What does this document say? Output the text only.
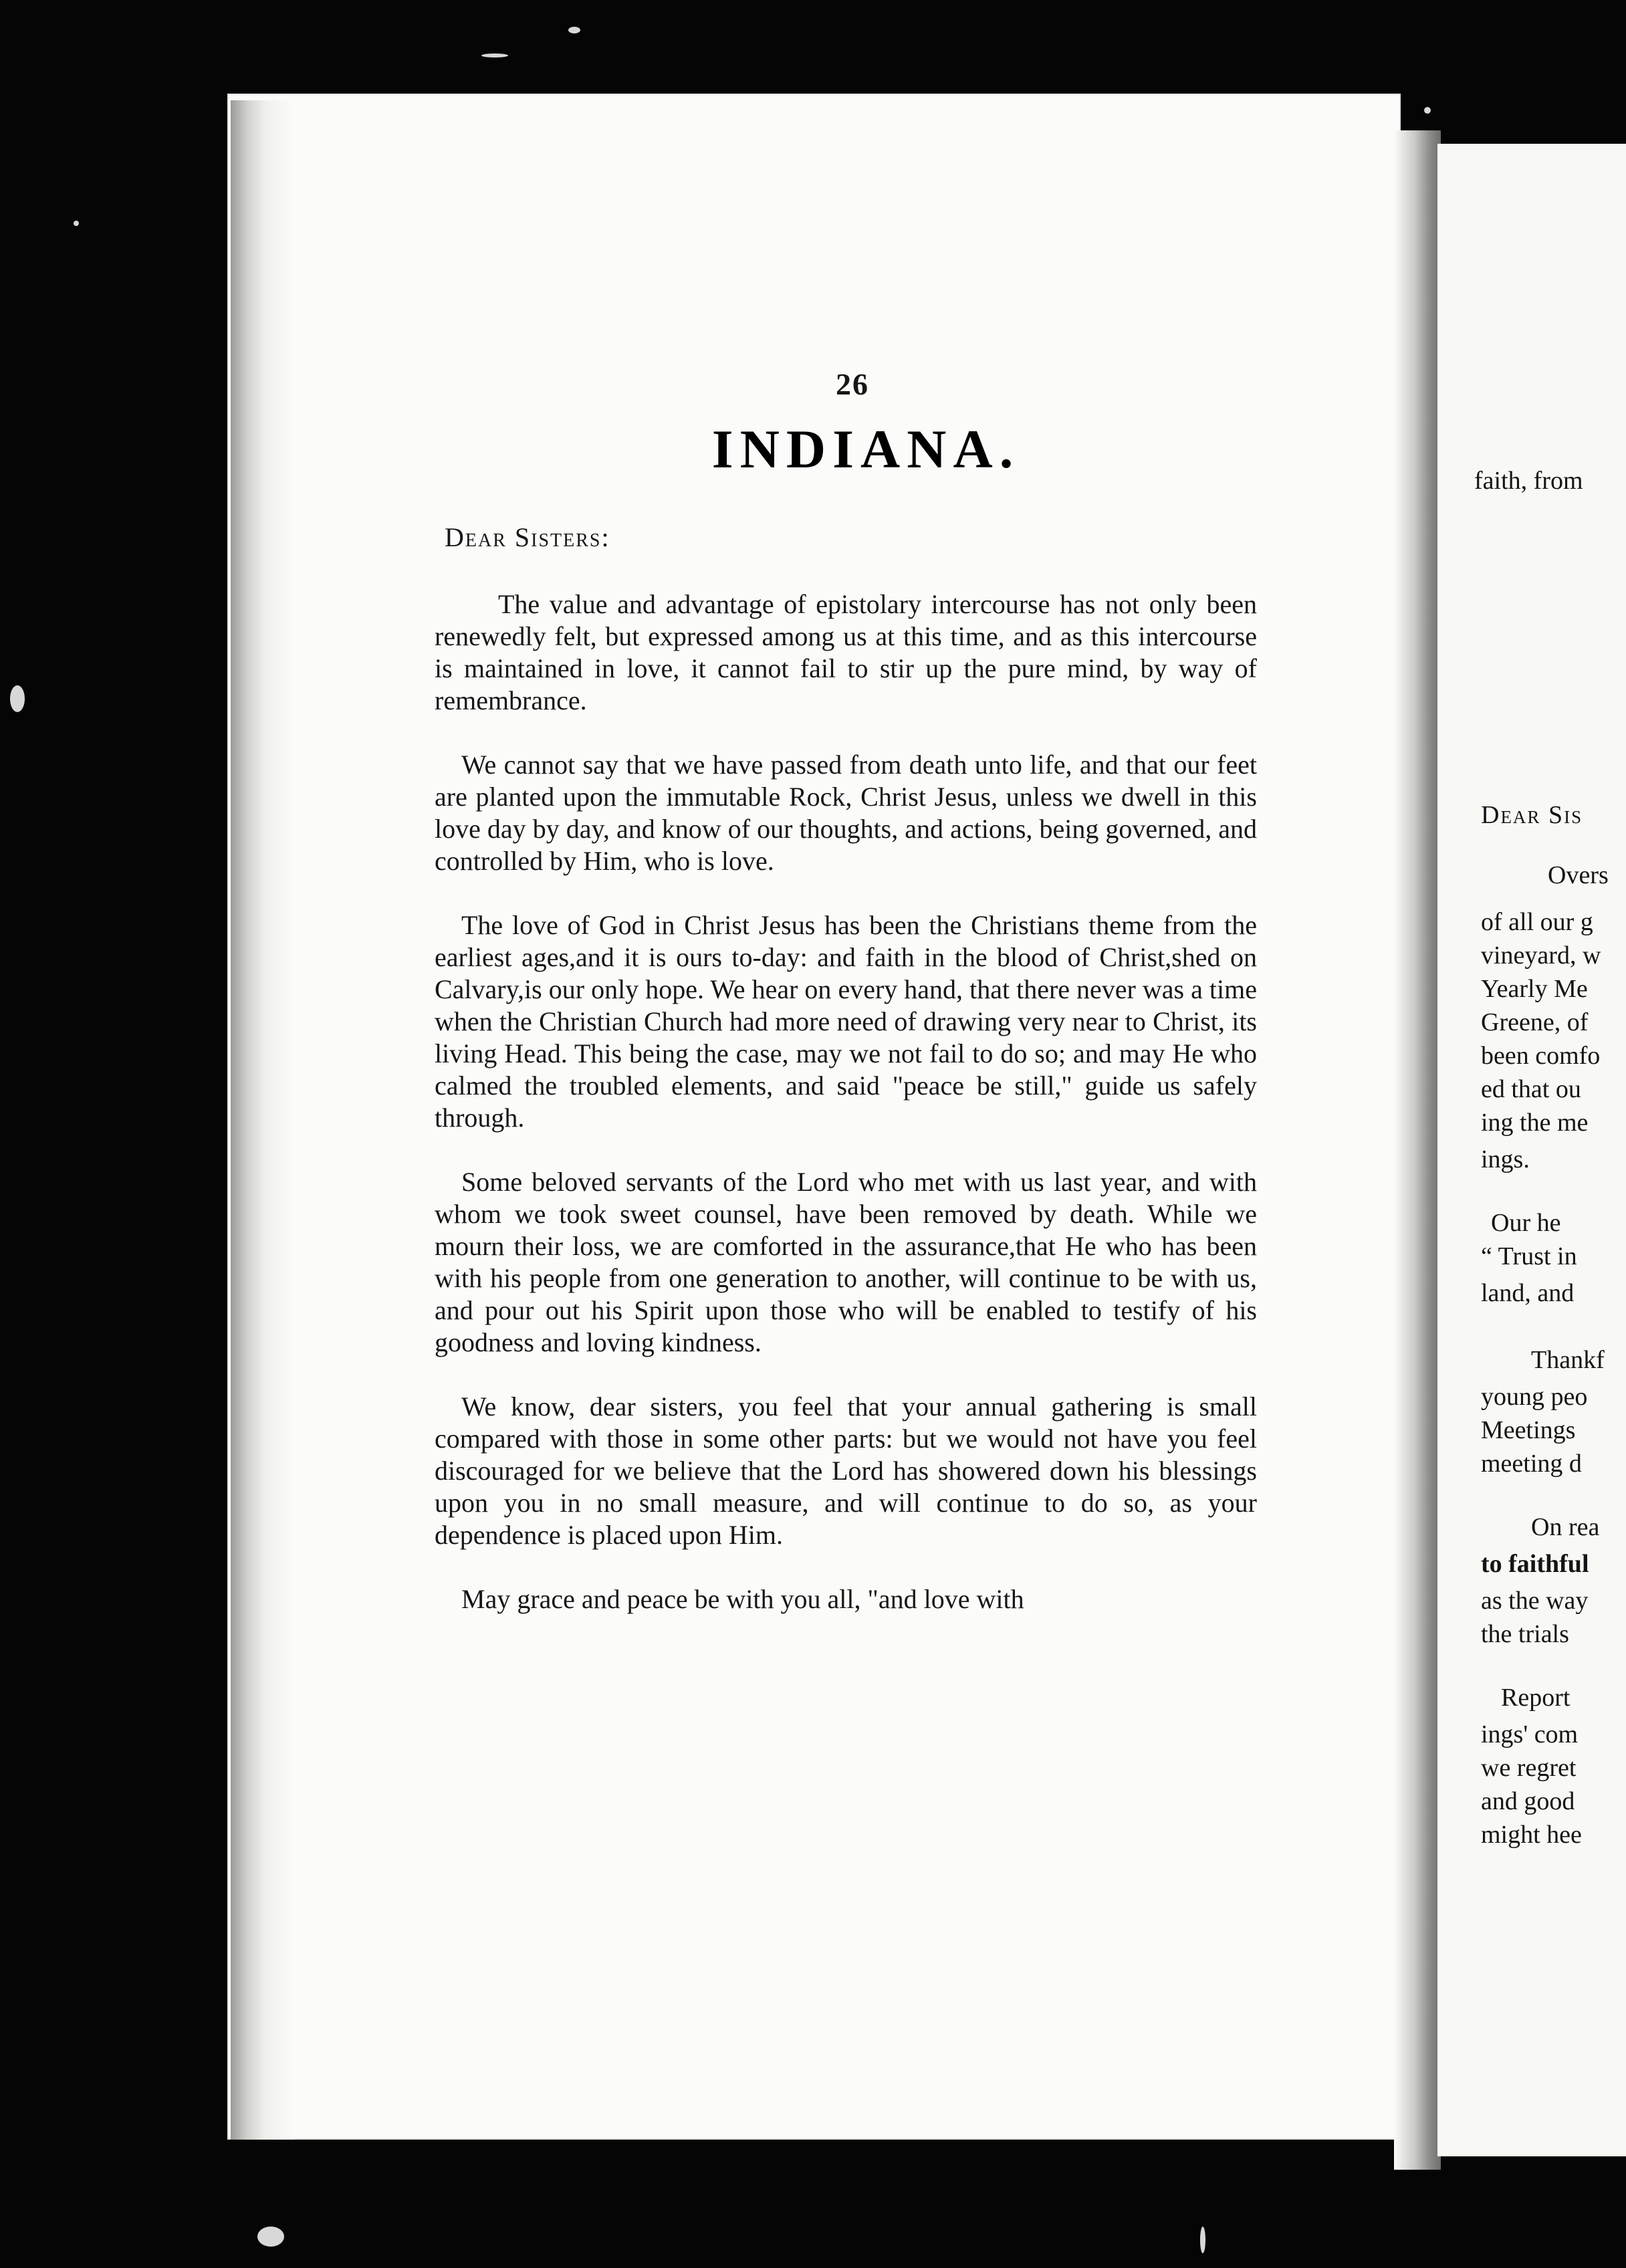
26
INDIANA.
Dear Sisters:

The value and advantage of epistolary intercourse has not only been renewedly felt, but expressed among us at this time, and as this intercourse is maintained in love, it cannot fail to stir up the pure mind, by way of remembrance.

We cannot say that we have passed from death unto life, and that our feet are planted upon the immutable Rock, Christ Jesus, unless we dwell in this love day by day, and know of our thoughts, and actions, being governed, and controlled by Him, who is love.

The love of God in Christ Jesus has been the Christians theme from the earliest ages,and it is ours to-day: and faith in the blood of Christ,shed on Calvary,is our only hope. We hear on every hand, that there never was a time when the Christian Church had more need of drawing very near to Christ, its living Head. This being the case, may we not fail to do so; and may He who calmed the troubled elements, and said "peace be still," guide us safely through.

Some beloved servants of the Lord who met with us last year, and with whom we took sweet counsel, have been removed by death. While we mourn their loss, we are comforted in the assurance,that He who has been with his people from one generation to another, will continue to be with us, and pour out his Spirit upon those who will be enabled to testify of his goodness and loving kindness.

We know, dear sisters, you feel that your annual gathering is small compared with those in some other parts: but we would not have you feel discouraged for we believe that the Lord has showered down his blessings upon you in no small measure, and will continue to do so, as your dependence is placed upon Him.

May grace and peace be with you all, "and love with

faith, from
Dear Sis
Overs
of all our g
vineyard, w
Yearly Me
Greene, of
been comfo
ed that ou
ing the me
ings.
Our he
“ Trust in
land, and
Thankf
young peo
Meetings
meeting d
On rea
to faithful
as the way
the trials
Report
ings' com
we regret
and good
might hee
